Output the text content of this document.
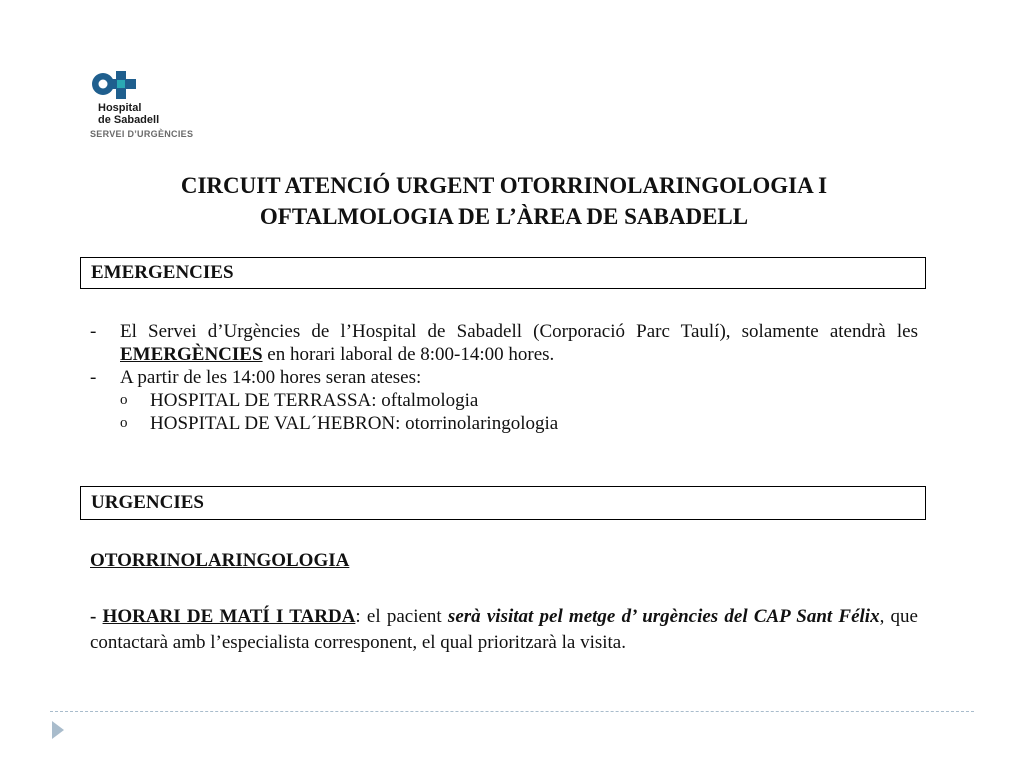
Hospital
de Sabadell
SERVEI D’URGÈNCIES
CIRCUIT ATENCIÓ URGENT OTORRINOLARINGOLOGIA I
OFTALMOLOGIA DE L’ÀREA DE SABADELL
EMERGENCIES
-	El Servei d’Urgències de l’Hospital de Sabadell (Corporació Parc Taulí), solamente atendrà les EMERGÈNCIES en horari laboral de 8:00-14:00 hores.
-	A partir de les 14:00 hores seran ateses:
o	HOSPITAL DE TERRASSA: oftalmologia
o	HOSPITAL DE VAL´HEBRON: otorrinolaringologia
URGENCIES
OTORRINOLARINGOLOGIA
- HORARI DE MATÍ I TARDA: el pacient serà visitat pel metge d’ urgències del CAP Sant Félix, que contactarà amb l’especialista corresponent, el qual prioritzarà la visita.
